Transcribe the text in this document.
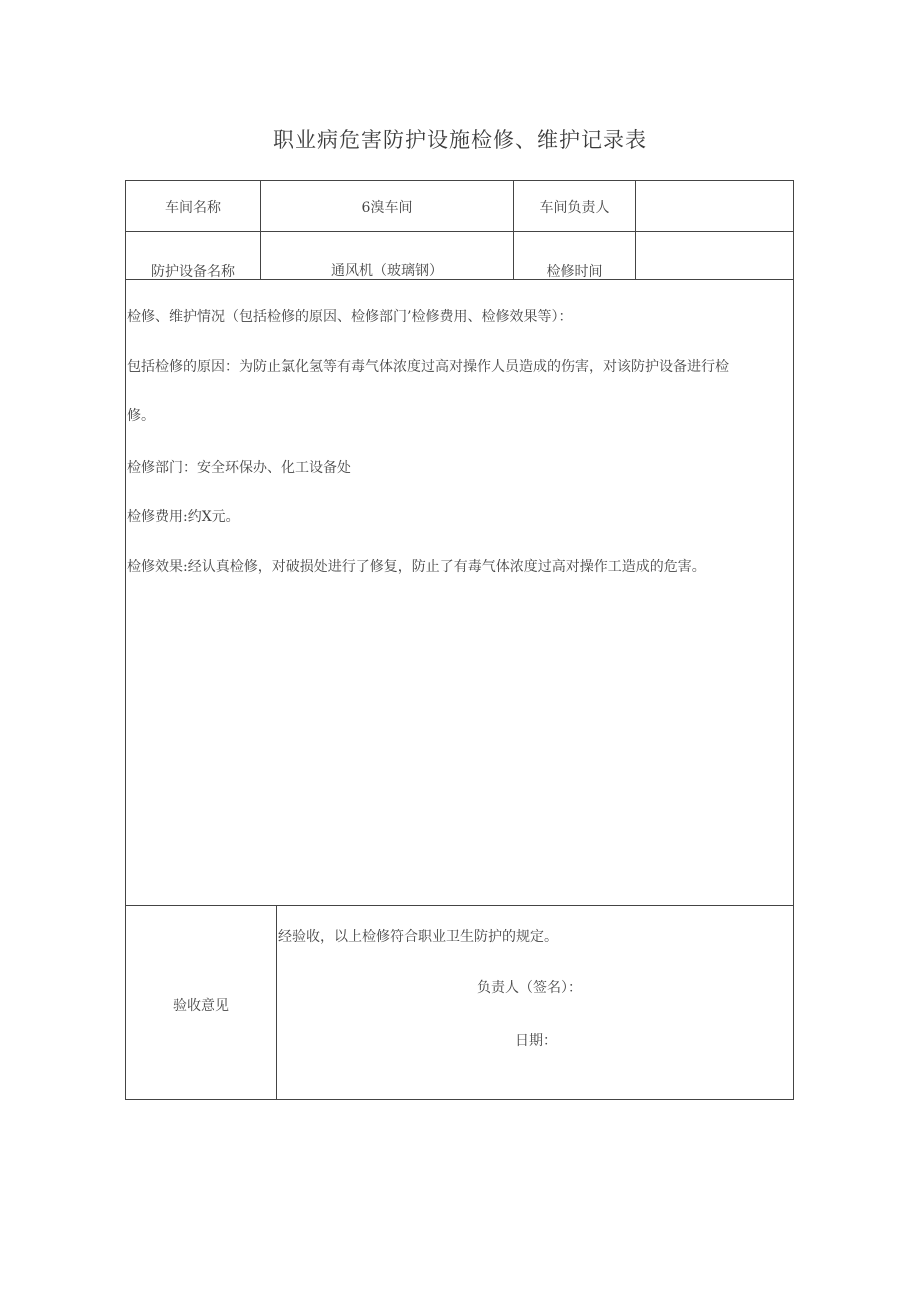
职业病危害防护设施检修、维护记录表
车间名称	6溴车间	车间负责人
防护设备名称	通风机（玻璃钢）	检修时间
检修、维护情况（包括检修的原因、检修部门’检修费用、检修效果等）：
包括检修的原因：为防止氯化氢等有毒气体浓度过高对操作人员造成的伤害，对该防护设备进行检
修。
检修部门：安全环保办、化工设备处
检修费用:约X元。
检修效果:经认真检修，对破损处进行了修复，防止了有毒气体浓度过高对操作工造成的危害。
验收意见
经验收，以上检修符合职业卫生防护的规定。
负责人（签名）：
日期：
